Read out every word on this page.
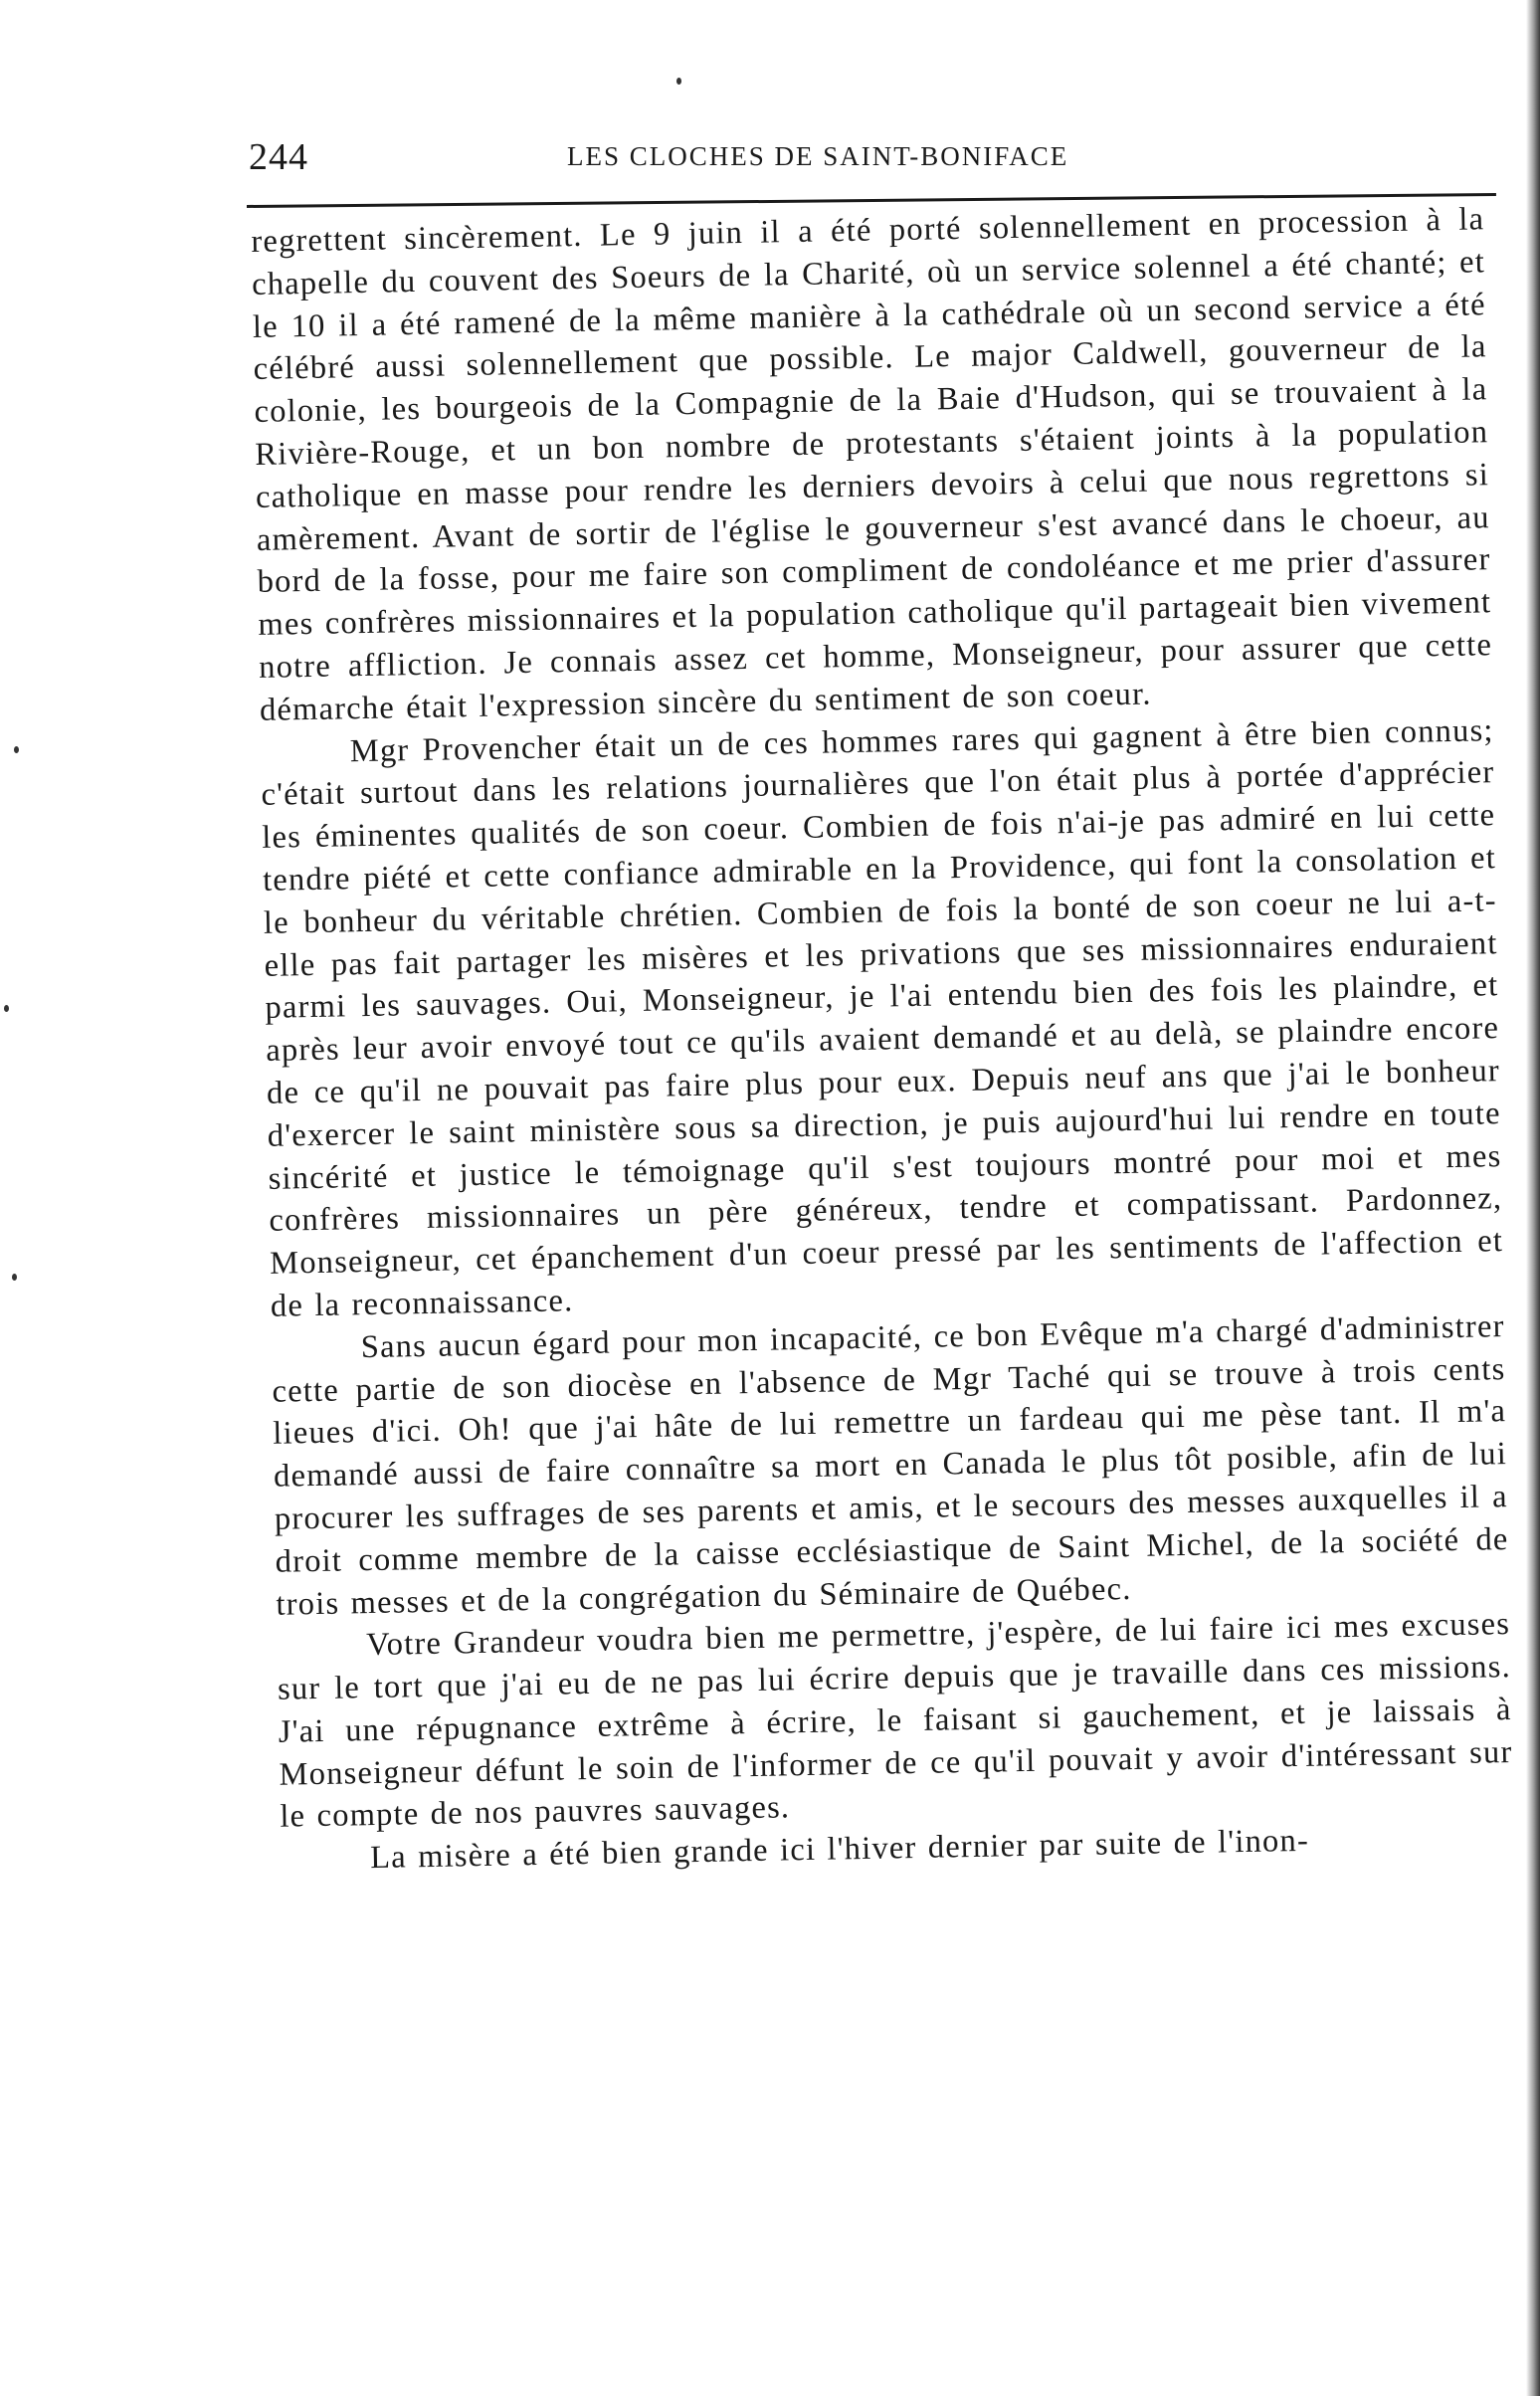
244	LES CLOCHES DE SAINT-BONIFACE

regrettent sincèrement. Le 9 juin il a été porté solennellement en procession à la chapelle du couvent des Soeurs de la Charité, où un service solennel a été chanté; et le 10 il a été ramené de la même manière à la cathédrale où un second service a été célébré aussi solennellement que possible. Le major Caldwell, gouverneur de la colonie, les bourgeois de la Compagnie de la Baie d'Hudson, qui se trouvaient à la Rivière-Rouge, et un bon nombre de protestants s'étaient joints à la population catholique en masse pour rendre les derniers devoirs à celui que nous regrettons si amèrement. Avant de sortir de l'église le gouverneur s'est avancé dans le choeur, au bord de la fosse, pour me faire son compliment de condoléance et me prier d'assurer mes confrères missionnaires et la population catholique qu'il partageait bien vivement notre affliction. Je connais assez cet homme, Monseigneur, pour assurer que cette démarche était l'expression sincère du sentiment de son coeur.

Mgr Provencher était un de ces hommes rares qui gagnent à être bien connus; c'était surtout dans les relations journalières que l'on était plus à portée d'apprécier les éminentes qualités de son coeur. Combien de fois n'ai-je pas admiré en lui cette tendre piété et cette confiance admirable en la Providence, qui font la consolation et le bonheur du véritable chrétien. Combien de fois la bonté de son coeur ne lui a-t-elle pas fait partager les misères et les privations que ses missionnaires enduraient parmi les sauvages. Oui, Monseigneur, je l'ai entendu bien des fois les plaindre, et après leur avoir envoyé tout ce qu'ils avaient demandé et au delà, se plaindre encore de ce qu'il ne pouvait pas faire plus pour eux. Depuis neuf ans que j'ai le bonheur d'exercer le saint ministère sous sa direction, je puis aujourd'hui lui rendre en toute sincérité et justice le témoignage qu'il s'est toujours montré pour moi et mes confrères missionnaires un père généreux, tendre et compatissant. Pardonnez, Monseigneur, cet épanchement d'un coeur pressé par les sentiments de l'affection et de la reconnaissance.

Sans aucun égard pour mon incapacité, ce bon Evêque m'a chargé d'administrer cette partie de son diocèse en l'absence de Mgr Taché qui se trouve à trois cents lieues d'ici. Oh! que j'ai hâte de lui remettre un fardeau qui me pèse tant. Il m'a demandé aussi de faire connaître sa mort en Canada le plus tôt posible, afin de lui procurer les suffrages de ses parents et amis, et le secours des messes auxquelles il a droit comme membre de la caisse ecclésiastique de Saint Michel, de la société de trois messes et de la congrégation du Séminaire de Québec.

Votre Grandeur voudra bien me permettre, j'espère, de lui faire ici mes excuses sur le tort que j'ai eu de ne pas lui écrire depuis que je travaille dans ces missions. J'ai une répugnance extrême à écrire, le faisant si gauchement, et je laissais à Monseigneur défunt le soin de l'informer de ce qu'il pouvait y avoir d'intéressant sur le compte de nos pauvres sauvages.

La misère a été bien grande ici l'hiver dernier par suite de l'inon-
